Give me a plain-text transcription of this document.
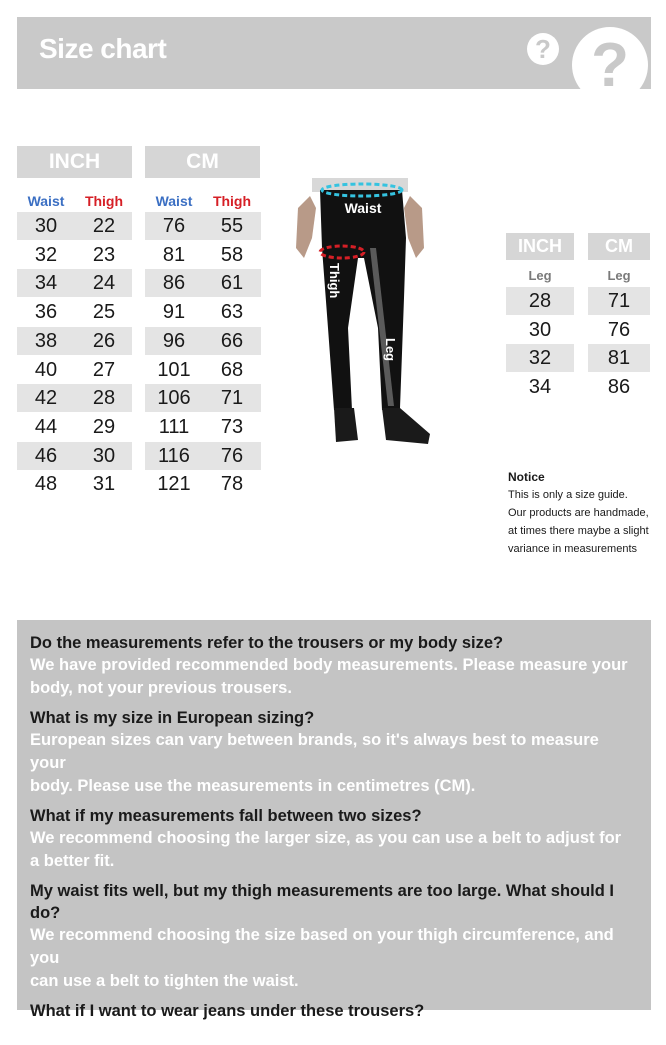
Size chart	? ?
INCH	CM
Waist	Thigh	Waist	Thigh
30	22	76	55
32	23	81	58
34	24	86	61
36	25	91	63
38	26	96	66
40	27	101	68
42	28	106	71
44	29	111	73
46	30	116	76
48	31	121	78
Waist
Thigh
Leg
INCH	CM
Leg	Leg
28	71
30	76
32	81
34	86
Notice
This is only a size guide.
Our products are handmade,
at times there maybe a slight
variance in measurements
Do the measurements refer to the trousers or my body size?
We have provided recommended body measurements. Please measure your
body, not your previous trousers.
What is my size in European sizing?
European sizes can vary between brands, so it's always best to measure your
body. Please use the measurements in centimetres (CM).
What if my measurements fall between two sizes?
We recommend choosing the larger size, as you can use a belt to adjust for
a better fit.
My waist fits well, but my thigh measurements are too large. What should I do?
We recommend choosing the size based on your thigh circumference, and you
can use a belt to tighten the waist.
What if I want to wear jeans under these trousers?
We recommend choosing one size larger.
